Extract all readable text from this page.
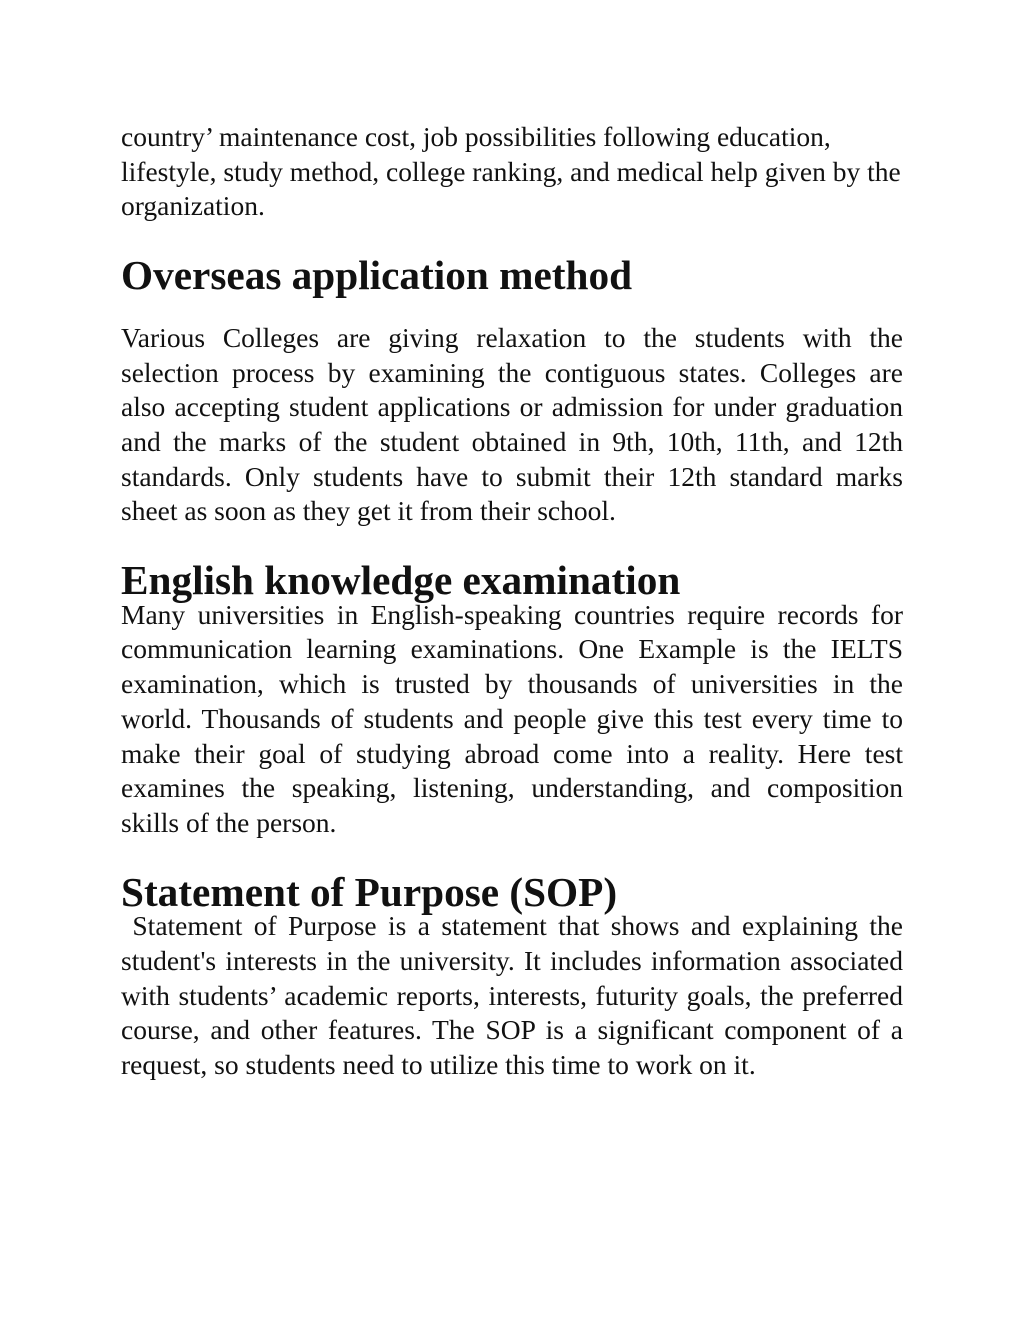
country’ maintenance cost, job possibilities following education, lifestyle, study method, college ranking, and medical help given by the organization.

Overseas application method

Various Colleges are giving relaxation to the students with the selection process by examining the contiguous states. Colleges are also accepting student applications or admission for under graduation and the marks of the student obtained in 9th, 10th, 11th, and 12th standards. Only students have to submit their 12th standard marks sheet as soon as they get it from their school.

English knowledge examination

Many universities in English-speaking countries require records for communication learning examinations. One Example is the IELTS examination, which is trusted by thousands of universities in the world. Thousands of students and people give this test every time to make their goal of studying abroad come into a reality. Here test examines the speaking, listening, understanding, and composition skills of the person.

Statement of Purpose (SOP)

Statement of Purpose is a statement that shows and explaining the student's interests in the university. It includes information associated with students’ academic reports, interests, futurity goals, the preferred course, and other features. The SOP is a significant component of a request, so students need to utilize this time to work on it.
